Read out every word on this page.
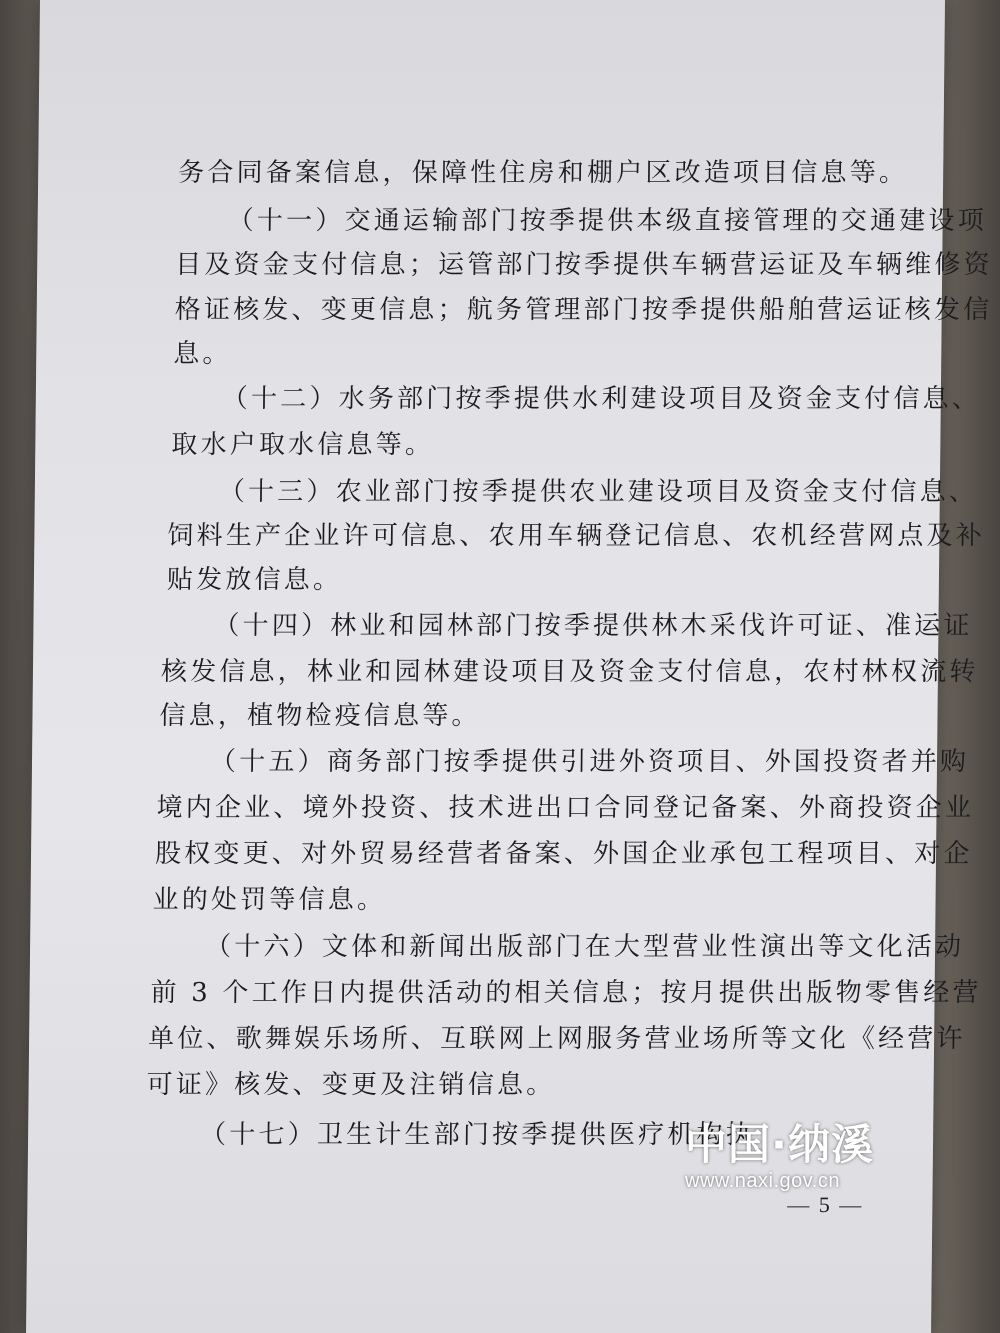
务合同备案信息，保障性住房和棚户区改造项目信息等。
（十一）交通运输部门按季提供本级直接管理的交通建设项
目及资金支付信息；运管部门按季提供车辆营运证及车辆维修资
格证核发、变更信息；航务管理部门按季提供船舶营运证核发信
息。
（十二）水务部门按季提供水利建设项目及资金支付信息、
取水户取水信息等。
（十三）农业部门按季提供农业建设项目及资金支付信息、
饲料生产企业许可信息、农用车辆登记信息、农机经营网点及补
贴发放信息。
（十四）林业和园林部门按季提供林木采伐许可证、准运证
核发信息，林业和园林建设项目及资金支付信息，农村林权流转
信息，植物检疫信息等。
（十五）商务部门按季提供引进外资项目、外国投资者并购
境内企业、境外投资、技术进出口合同登记备案、外商投资企业
股权变更、对外贸易经营者备案、外国企业承包工程项目、对企
业的处罚等信息。
（十六）文体和新闻出版部门在大型营业性演出等文化活动
前 3 个工作日内提供活动的相关信息；按月提供出版物零售经营
单位、歌舞娱乐场所、互联网上网服务营业场所等文化《经营许
可证》核发、变更及注销信息。
（十七）卫生计生部门按季提供医疗机构执
— 5 —
中国·纳溪
www.naxi.gov.cn
